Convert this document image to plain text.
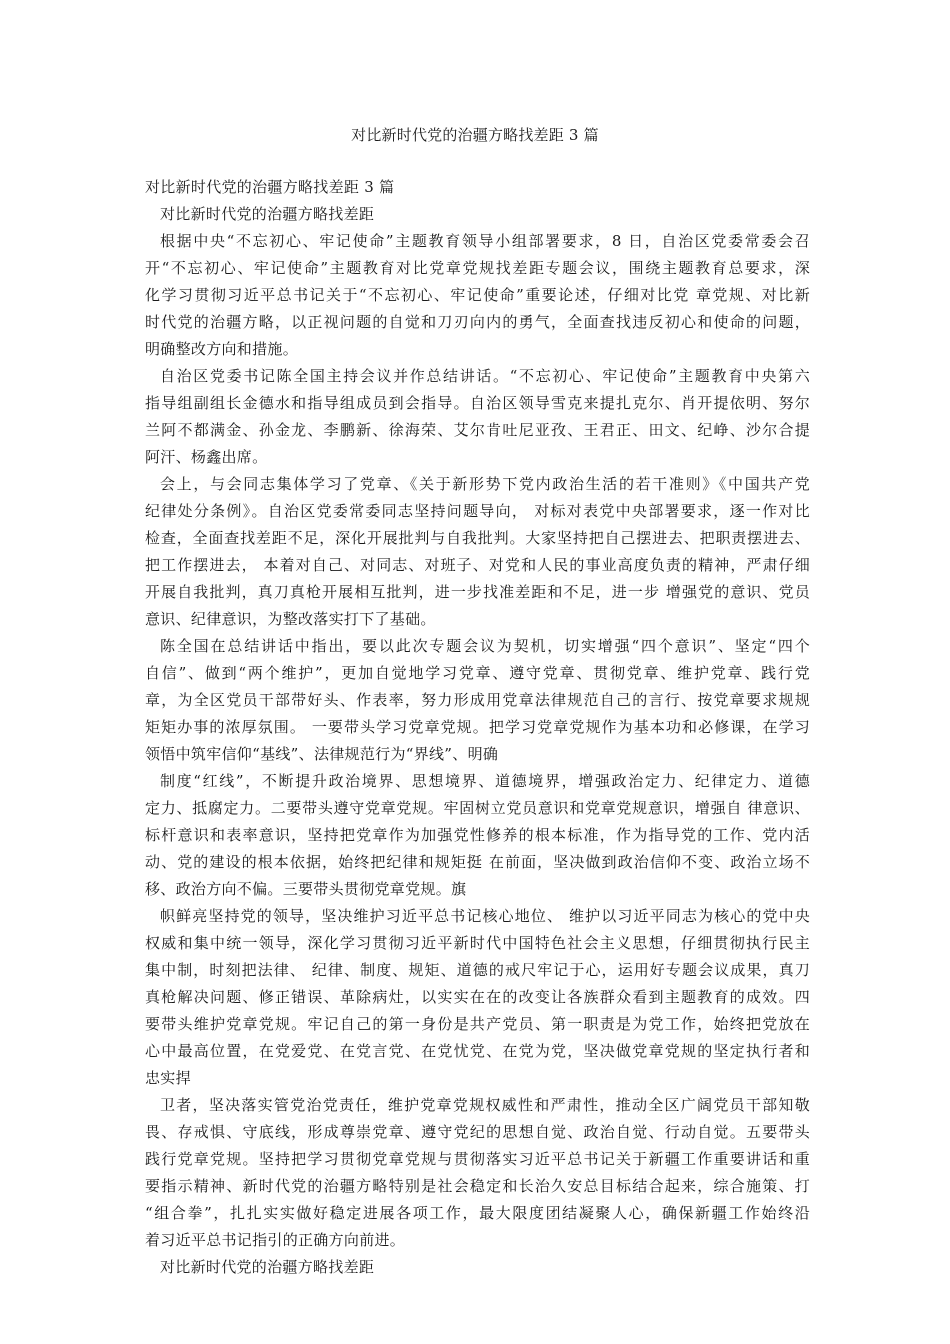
对比新时代党的治疆方略找差距 3 篇
对比新时代党的治疆方略找差距 3 篇
对比新时代党的治疆方略找差距
根据中央“不忘初心、牢记使命”主题教育领导小组部署要求，8 日，自治区党委常委会召
开“不忘初心、牢记使命”主题教育对比党章党规找差距专题会议，围绕主题教育总要求，深
化学习贯彻习近平总书记关于“不忘初心、牢记使命”重要论述，仔细对比党 章党规、对比新
时代党的治疆方略，以正视问题的自觉和刀刃向内的勇气，全面查找违反初心和使命的问题，
明确整改方向和措施。
自治区党委书记陈全国主持会议并作总结讲话。“不忘初心、牢记使命”主题教育中央第六
指导组副组长金德水和指导组成员到会指导。自治区领导雪克来提扎克尔、肖开提依明、努尔
兰阿不都满金、孙金龙、李鹏新、徐海荣、艾尔肯吐尼亚孜、王君正、田文、纪峥、沙尔合提
阿汗、杨鑫出席。
会上，与会同志集体学习了党章、《关于新形势下党内政治生活的若干准则》《中国共产党
纪律处分条例》。自治区党委常委同志坚持问题导向， 对标对表党中央部署要求，逐一作对比
检查，全面查找差距不足，深化开展批判与自我批判。大家坚持把自己摆进去、把职责摆进去、
把工作摆进去， 本着对自己、对同志、对班子、对党和人民的事业高度负责的精神，严肃仔细
开展自我批判，真刀真枪开展相互批判，进一步找准差距和不足，进一步 增强党的意识、党员
意识、纪律意识，为整改落实打下了基础。
陈全国在总结讲话中指出，要以此次专题会议为契机，切实增强“四个意识”、坚定“四个
自信”、做到“两个维护”，更加自觉地学习党章、遵守党章、贯彻党章、维护党章、践行党
章，为全区党员干部带好头、作表率，努力形成用党章法律规范自己的言行、按党章要求规规
矩矩办事的浓厚氛围。 一要带头学习党章党规。把学习党章党规作为基本功和必修课，在学习
领悟中筑牢信仰“基线”、法律规范行为“界线”、明确
制度“红线”，不断提升政治境界、思想境界、道德境界，增强政治定力、纪律定力、道德
定力、抵腐定力。二要带头遵守党章党规。牢固树立党员意识和党章党规意识，增强自 律意识、
标杆意识和表率意识，坚持把党章作为加强党性修养的根本标准，作为指导党的工作、党内活
动、党的建设的根本依据，始终把纪律和规矩挺 在前面，坚决做到政治信仰不变、政治立场不
移、政治方向不偏。三要带头贯彻党章党规。旗
帜鲜亮坚持党的领导，坚决维护习近平总书记核心地位、 维护以习近平同志为核心的党中央
权威和集中统一领导，深化学习贯彻习近平新时代中国特色社会主义思想，仔细贯彻执行民主
集中制，时刻把法律、 纪律、制度、规矩、道德的戒尺牢记于心，运用好专题会议成果，真刀
真枪解决问题、修正错误、革除病灶，以实实在在的改变让各族群众看到主题教育的成效。四
要带头维护党章党规。牢记自己的第一身份是共产党员、第一职责是为党工作，始终把党放在
心中最高位置，在党爱党、在党言党、在党忧党、在党为党，坚决做党章党规的坚定执行者和
忠实捍
卫者，坚决落实管党治党责任，维护党章党规权威性和严肃性，推动全区广阔党员干部知敬
畏、存戒惧、守底线，形成尊崇党章、遵守党纪的思想自觉、政治自觉、行动自觉。五要带头
践行党章党规。坚持把学习贯彻党章党规与贯彻落实习近平总书记关于新疆工作重要讲话和重
要指示精神、新时代党的治疆方略特别是社会稳定和长治久安总目标结合起来，综合施策、打
“组合拳”，扎扎实实做好稳定进展各项工作，最大限度团结凝聚人心，确保新疆工作始终沿
着习近平总书记指引的正确方向前进。
对比新时代党的治疆方略找差距
